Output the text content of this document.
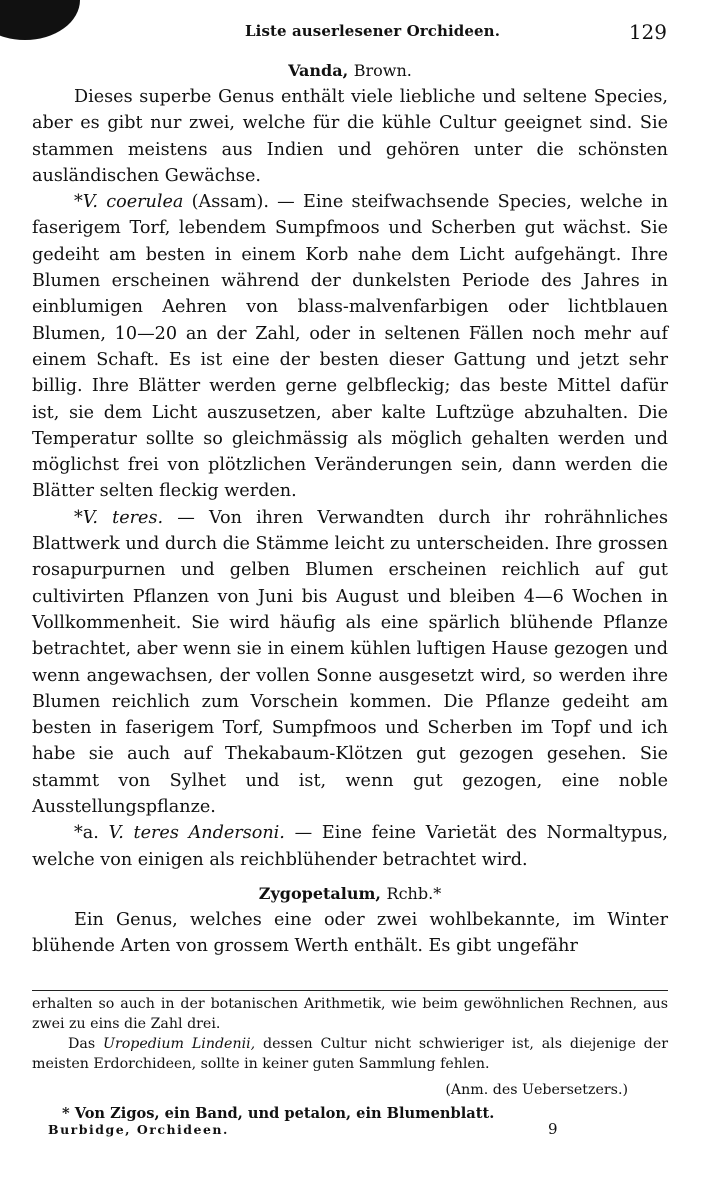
Liste auserlesener Orchideen.	129

Vanda, Brown.

Dieses superbe Genus enthält viele liebliche und seltene Species, aber es gibt nur zwei, welche für die kühle Cultur geeignet sind. Sie stammen meistens aus Indien und gehören unter die schönsten ausländischen Gewächse.

*V. coerulea (Assam). — Eine steifwachsende Species, welche in faserigem Torf, lebendem Sumpfmoos und Scherben gut wächst. Sie gedeiht am besten in einem Korb nahe dem Licht aufgehängt. Ihre Blumen erscheinen während der dunkelsten Periode des Jahres in einblumigen Aehren von blass-malvenfarbigen oder lichtblauen Blumen, 10—20 an der Zahl, oder in seltenen Fällen noch mehr auf einem Schaft. Es ist eine der besten dieser Gattung und jetzt sehr billig. Ihre Blätter werden gerne gelbfleckig; das beste Mittel dafür ist, sie dem Licht auszusetzen, aber kalte Luftzüge abzuhalten. Die Temperatur sollte so gleichmässig als möglich gehalten werden und möglichst frei von plötzlichen Veränderungen sein, dann werden die Blätter selten fleckig werden.

*V. teres. — Von ihren Verwandten durch ihr rohrähnliches Blattwerk und durch die Stämme leicht zu unterscheiden. Ihre grossen rosapurpurnen und gelben Blumen erscheinen reichlich auf gut cultivirten Pflanzen von Juni bis August und bleiben 4—6 Wochen in Vollkommenheit. Sie wird häufig als eine spärlich blühende Pflanze betrachtet, aber wenn sie in einem kühlen luftigen Hause gezogen und wenn angewachsen, der vollen Sonne ausgesetzt wird, so werden ihre Blumen reichlich zum Vorschein kommen. Die Pflanze gedeiht am besten in faserigem Torf, Sumpfmoos und Scherben im Topf und ich habe sie auch auf Thekabaum-Klötzen gut gezogen gesehen. Sie stammt von Sylhet und ist, wenn gut gezogen, eine noble Ausstellungspflanze.

*a. V. teres Andersoni. — Eine feine Varietät des Normaltypus, welche von einigen als reichblühender betrachtet wird.

Zygopetalum, Rchb.*

Ein Genus, welches eine oder zwei wohlbekannte, im Winter blühende Arten von grossem Werth enthält. Es gibt ungefähr

erhalten so auch in der botanischen Arithmetik, wie beim gewöhnlichen Rechnen, aus zwei zu eins die Zahl drei.

Das Uropedium Lindenii, dessen Cultur nicht schwieriger ist, als diejenige der meisten Erdorchideen, sollte in keiner guten Sammlung fehlen.

(Anm. des Uebersetzers.)

* Von Zigos, ein Band, und petalon, ein Blumenblatt.

Burbidge, Orchideen.	9
